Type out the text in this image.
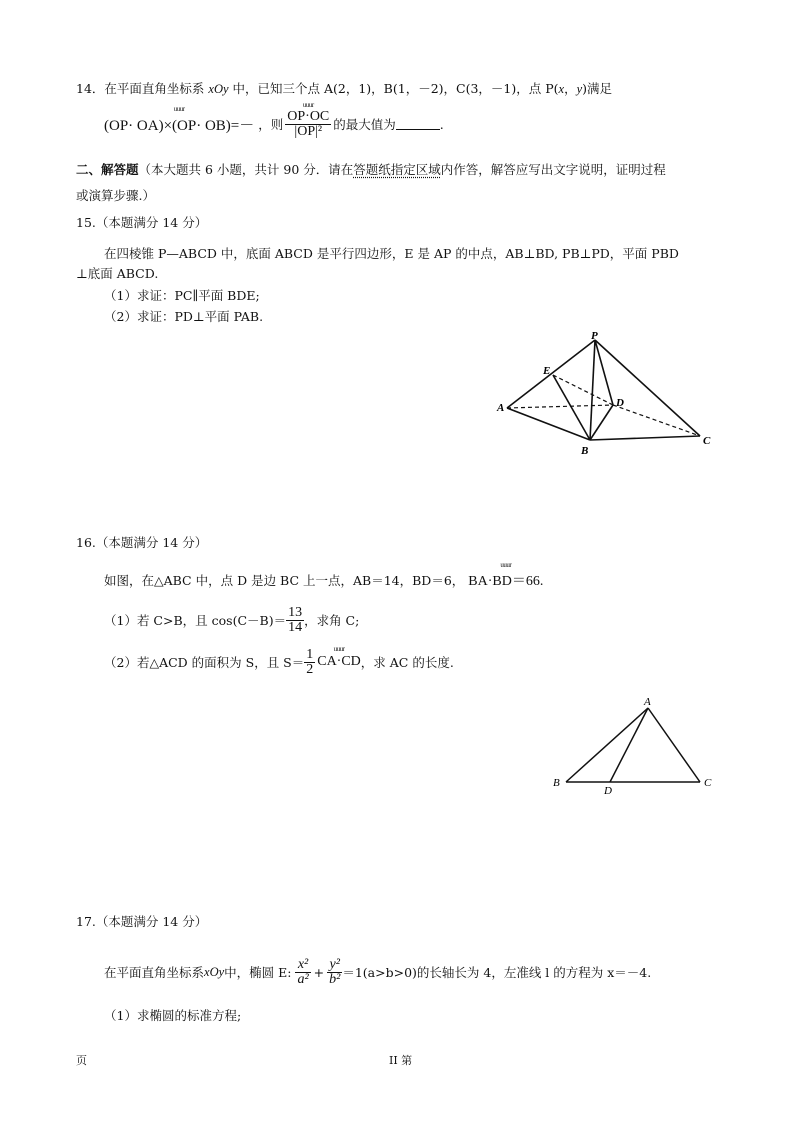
14．在平面直角坐标系 xOy 中，已知三个点 A(2，1)，B(1，－2)，C(3，－1)，点 P(x，y)满足
uuur (OP· OA)×(OP· OB)=－ ，则 uuur $\frac{OP\cdot OC}{\text{|OP|²}}$ 的最大值为	.
二、解答题（本大题共 6 小题，共计 90 分．请在答题纸指定区域内作答，解答应写出文字说明，证明过程
或演算步骤.）
15.（本题满分 14 分）
在四棱锥 P—ABCD 中，底面 ABCD 是平行四边形，E 是 AP 的中点，AB⊥BD, PB⊥PD，平面 PBD
⊥底面 ABCD.
（1）求证：PC∥平面 BDE;
（2）求证：PD⊥平面 PAB.
P
E
D
A
B
C
16.（本题满分 14 分）
如图，在△ABC 中，点 D 是边 BC 上一点，AB＝14，BD＝6， uuur BA·BD＝66.
（1）若 C>B，且 $\cos(C-B)= \frac{13}{14}$ ，求角 C;
（2）若△ACD 的面积为 S，且 $S= \frac{1}{2}$ uuur CA·CD ，求 AC 的长度.
A
B
D
C
17.（本题满分 14 分）
在平面直角坐标系 xOy 中，椭圆 E: $\frac{\text{x²}}{\text{a²}} + \frac{\text{y²}}{\text{b²}} =1(a>b>0)$的长轴长为 4，左准线 l 的方程为 x＝－4.
（1）求椭圆的标准方程;
页	II 第
